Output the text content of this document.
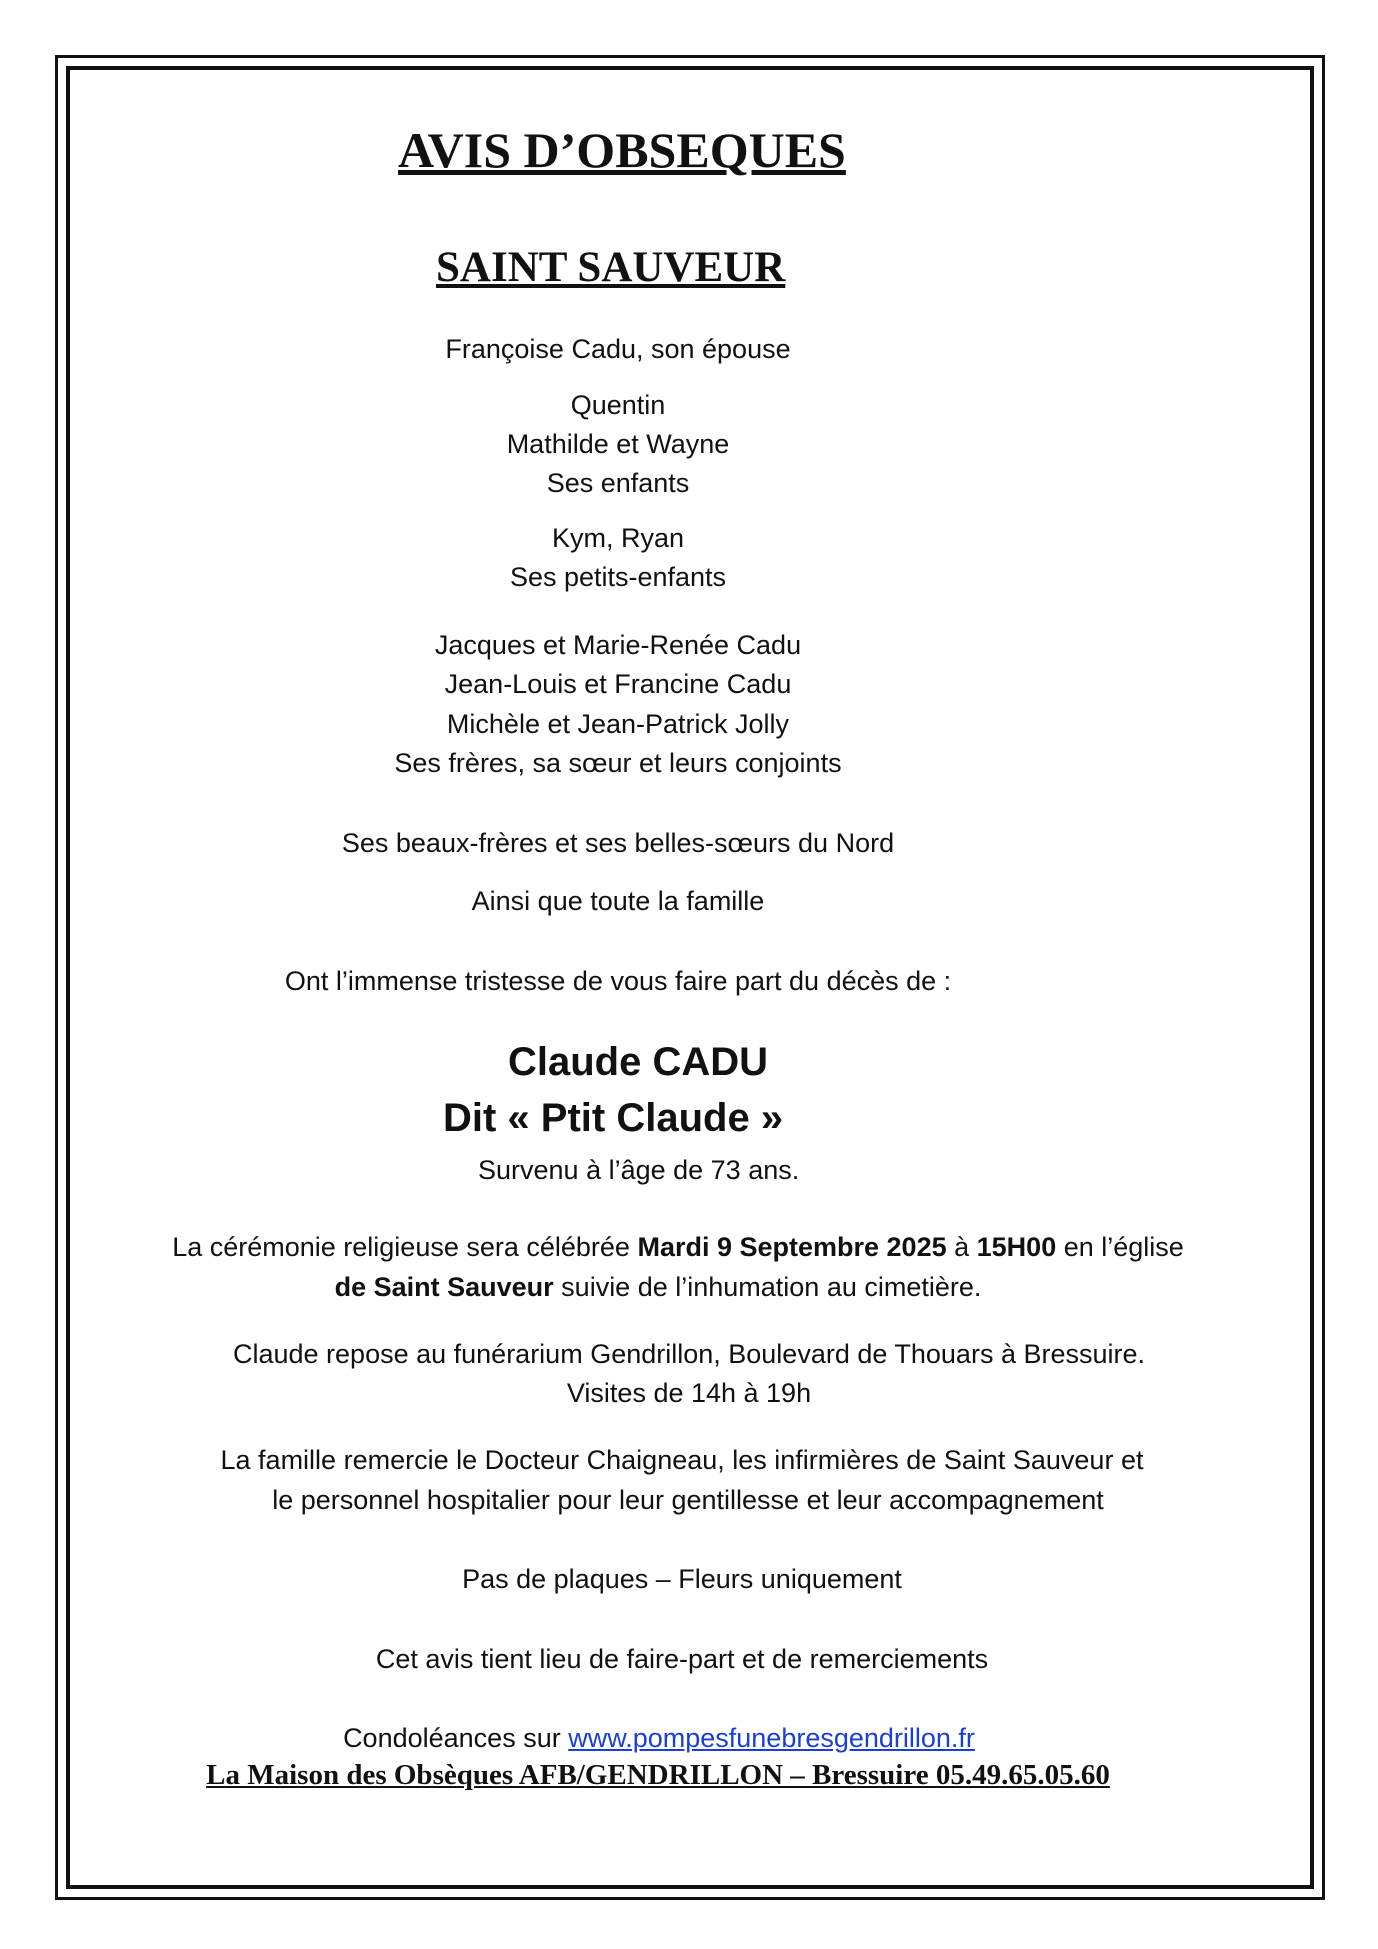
AVIS D’OBSEQUES
SAINT SAUVEUR
Françoise Cadu, son épouse
Quentin
Mathilde et Wayne
Ses enfants
Kym, Ryan
Ses petits-enfants
Jacques et Marie-Renée Cadu
Jean-Louis et Francine Cadu
Michèle et Jean-Patrick Jolly
Ses frères, sa sœur et leurs conjoints
Ses beaux-frères et ses belles-sœurs du Nord
Ainsi que toute la famille
Ont l’immense tristesse de vous faire part du décès de :
Claude CADU
Dit « Ptit Claude »
Survenu à l’âge de 73 ans.
La cérémonie religieuse sera célébrée Mardi 9 Septembre 2025 à 15H00 en l’église
de Saint Sauveur suivie de l’inhumation au cimetière.
Claude repose au funérarium Gendrillon, Boulevard de Thouars à Bressuire.
Visites de 14h à 19h
La famille remercie le Docteur Chaigneau, les infirmières de Saint Sauveur et
le personnel hospitalier pour leur gentillesse et leur accompagnement
Pas de plaques – Fleurs uniquement
Cet avis tient lieu de faire-part et de remerciements
Condoléances sur www.pompesfunebresgendrillon.fr
La Maison des Obsèques AFB/GENDRILLON – Bressuire 05.49.65.05.60
